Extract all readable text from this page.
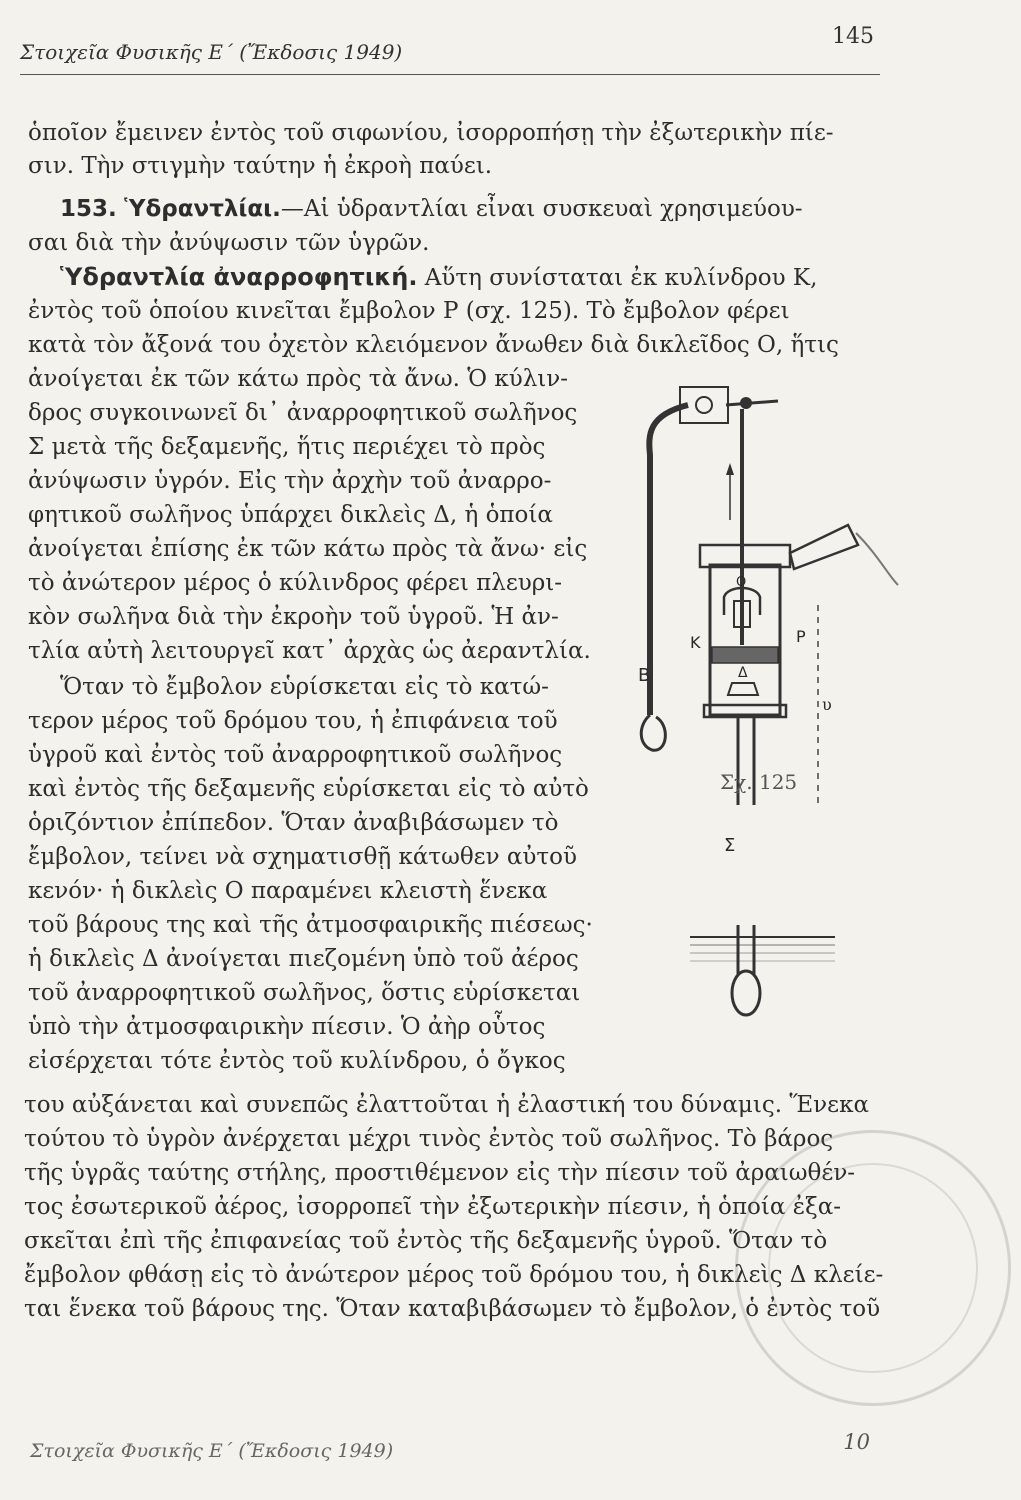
Στοιχεῖα Φυσικῆς Ε΄ (Ἔκδοσις 1949)
145
ὁποῖον ἔμεινεν ἐντὸς τοῦ σιφωνίου, ἰσορροπήσῃ τὴν ἐξωτερικὴν πίε-
σιν. Τὴν στιγμὴν ταύτην ἡ ἐκροὴ παύει.
153. Ὑδραντλίαι.—Αἱ ὑδραντλίαι εἶναι συσκευαὶ χρησιμεύου-
σαι διὰ τὴν ἀνύψωσιν τῶν ὑγρῶν.
Ὑδραντλία ἀναρροφητική. Αὕτη συνίσταται ἐκ κυλίνδρου Κ,
ἐντὸς τοῦ ὁποίου κινεῖται ἔμβολον Ρ (σχ. 125). Τὸ ἔμβολον φέρει
κατὰ τὸν ἄξονά του ὀχετὸν κλειόμενον ἄνωθεν διὰ δικλεῖδος Ο, ἥτις
ἀνοίγεται ἐκ τῶν κάτω πρὸς τὰ ἄνω. Ὁ κύλιν-
δρος συγκοινωνεῖ δι᾿ ἀναρροφητικοῦ σωλῆνος
Σ μετὰ τῆς δεξαμενῆς, ἥτις περιέχει τὸ πρὸς
ἀνύψωσιν ὑγρόν. Εἰς τὴν ἀρχὴν τοῦ ἀναρρο-
φητικοῦ σωλῆνος ὑπάρχει δικλεὶς Δ, ἡ ὁποία
ἀνοίγεται ἐπίσης ἐκ τῶν κάτω πρὸς τὰ ἄνω· εἰς
τὸ ἀνώτερον μέρος ὁ κύλινδρος φέρει πλευρι-
κὸν σωλῆνα διὰ τὴν ἐκροὴν τοῦ ὑγροῦ. Ἡ ἀν-
τλία αὐτὴ λειτουργεῖ κατ᾿ ἀρχὰς ὡς ἀεραντλία.
Ὅταν τὸ ἔμβολον εὑρίσκεται εἰς τὸ κατώ-
τερον μέρος τοῦ δρόμου του, ἡ ἐπιφάνεια τοῦ
ὑγροῦ καὶ ἐντὸς τοῦ ἀναρροφητικοῦ σωλῆνος
καὶ ἐντὸς τῆς δεξαμενῆς εὑρίσκεται εἰς τὸ αὐτὸ
ὁριζόντιον ἐπίπεδον. Ὅταν ἀναβιβάσωμεν τὸ
ἔμβολον, τείνει νὰ σχηματισθῇ κάτωθεν αὐτοῦ
κενόν· ἡ δικλεὶς Ο παραμένει κλειστὴ ἕνεκα
τοῦ βάρους της καὶ τῆς ἀτμοσφαιρικῆς πιέσεως·
ἡ δικλεὶς Δ ἀνοίγεται πιεζομένη ὑπὸ τοῦ ἀέρος
τοῦ ἀναρροφητικοῦ σωλῆνος, ὅστις εὑρίσκεται
ὑπὸ τὴν ἀτμοσφαιρικὴν πίεσιν. Ὁ ἀὴρ οὗτος
εἰσέρχεται τότε ἐντὸς τοῦ κυλίνδρου, ὁ ὄγκος
του αὐξάνεται καὶ συνεπῶς ἐλαττοῦται ἡ ἐλαστική του δύναμις. Ἕνεκα
τούτου τὸ ὑγρὸν ἀνέρχεται μέχρι τινὸς ἐντὸς τοῦ σωλῆνος. Τὸ βάρος
τῆς ὑγρᾶς ταύτης στήλης, προστιθέμενον εἰς τὴν πίεσιν τοῦ ἀραιωθέν-
τος ἐσωτερικοῦ ἀέρος, ἰσορροπεῖ τὴν ἐξωτερικὴν πίεσιν, ἡ ὁποία ἐξα-
σκεῖται ἐπὶ τῆς ἐπιφανείας τοῦ ἐντὸς τῆς δεξαμενῆς ὑγροῦ. Ὅταν τὸ
ἔμβολον φθάσῃ εἰς τὸ ἀνώτερον μέρος τοῦ δρόμου του, ἡ δικλεὶς Δ κλείε-
ται ἕνεκα τοῦ βάρους της. Ὅταν καταβιβάσωμεν τὸ ἔμβολον, ὁ ἐντὸς τοῦ
Β
Κ	Ρ
Ο
Δ
Σ
υ
Σχ. 125
Στοιχεῖα Φυσικῆς Ε΄ (Ἔκδοσις 1949)	10
